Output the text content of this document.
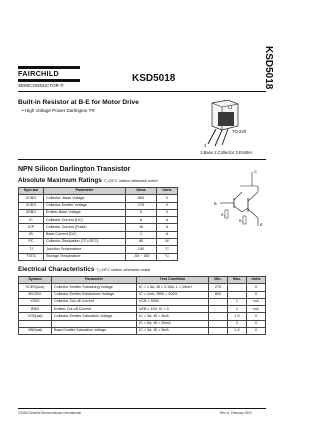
FAIRCHILD
SEMICONDUCTOR ®
KSD5018	KSD5018
Built-in Resistor at B-E for Motor Drive
• High Voltage Power Darlington TR
1
TO-220
1.Base 2.Collector 3.Emitter
NPN Silicon Darlington Transistor	C
B
E
R₁
R₂
Absolute Maximum Ratings T⁁=25°C unless otherwise noted
Sym-bol	Parameter	Value	Units
VCBO	Collector -Base Voltage	800	V
VCEO	Collector-Emitter Voltage	275	V
VEBO	Emitter-Base Voltage	5	V
IC	Collector Current (DC)	8	A
ICP	Collector Current (Pulse)	16	A
IB	Base Current (DC)	1	A
PC	Collector Dissipation (TC=25°C)	80	W
TJ	Junction Temperature	150	°C
TSTG	Storage Temperature	- 55 ~ 150	°C
Electrical Characteristics T⁁=25°C unless otherwise noted
Symbol	Parameter	Test Condition	Min.	Max.	Units
VCEO(sus)	Collector Emitter Sustaining Voltage	IC = 1.5A, IB = 0.15A, L = 25mH	275		V
BVCBO	Collector Emitter Breakdown Voltage	IC = 1mA, RBE = 300Ω	800		V
ICBO	Collector Cut-off Current	VCB = 500V		1	mA
IEBO	Emitter Cut-off Current	VEB = 10V, IC = 0		1	mA
VCE(sat)	Collector Emitter Saturation Voltage	IC = 3A, IB = 3mA		1.5	V
		IC = 6A, IB = 20mA		2	V
VBE(sat)	Base Emitter Saturation Voltage	IC = 3A, IB = 3mA		1.5	V
©2000 Fairchild Semiconductor International	Rev. A, February 2000
